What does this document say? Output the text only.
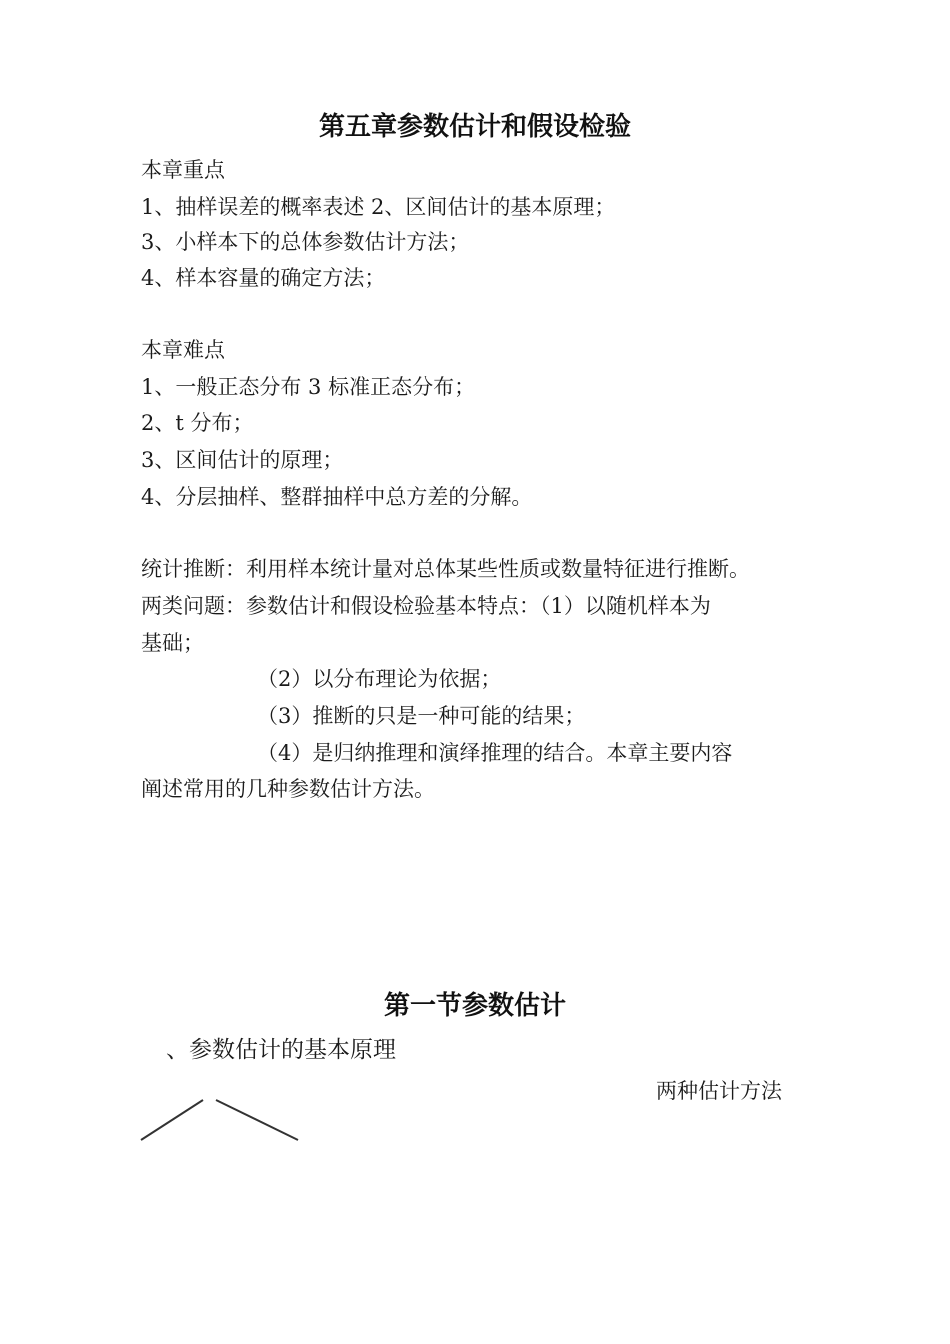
第五章参数估计和假设检验
本章重点
1、抽样误差的概率表述 2、区间估计的基本原理；
3、小样本下的总体参数估计方法；
4、样本容量的确定方法；
本章难点
1、一般正态分布 3 标准正态分布；
2、t 分布；
3、区间估计的原理；
4、分层抽样、整群抽样中总方差的分解。
统计推断：利用样本统计量对总体某些性质或数量特征进行推断。
两类问题：参数估计和假设检验基本特点：（1）以随机样本为
基础；
（2）以分布理论为依据；
（3）推断的只是一种可能的结果；
（4）是归纳推理和演绎推理的结合。本章主要内容
阐述常用的几种参数估计方法。
第一节参数估计
、参数估计的基本原理
两种估计方法
